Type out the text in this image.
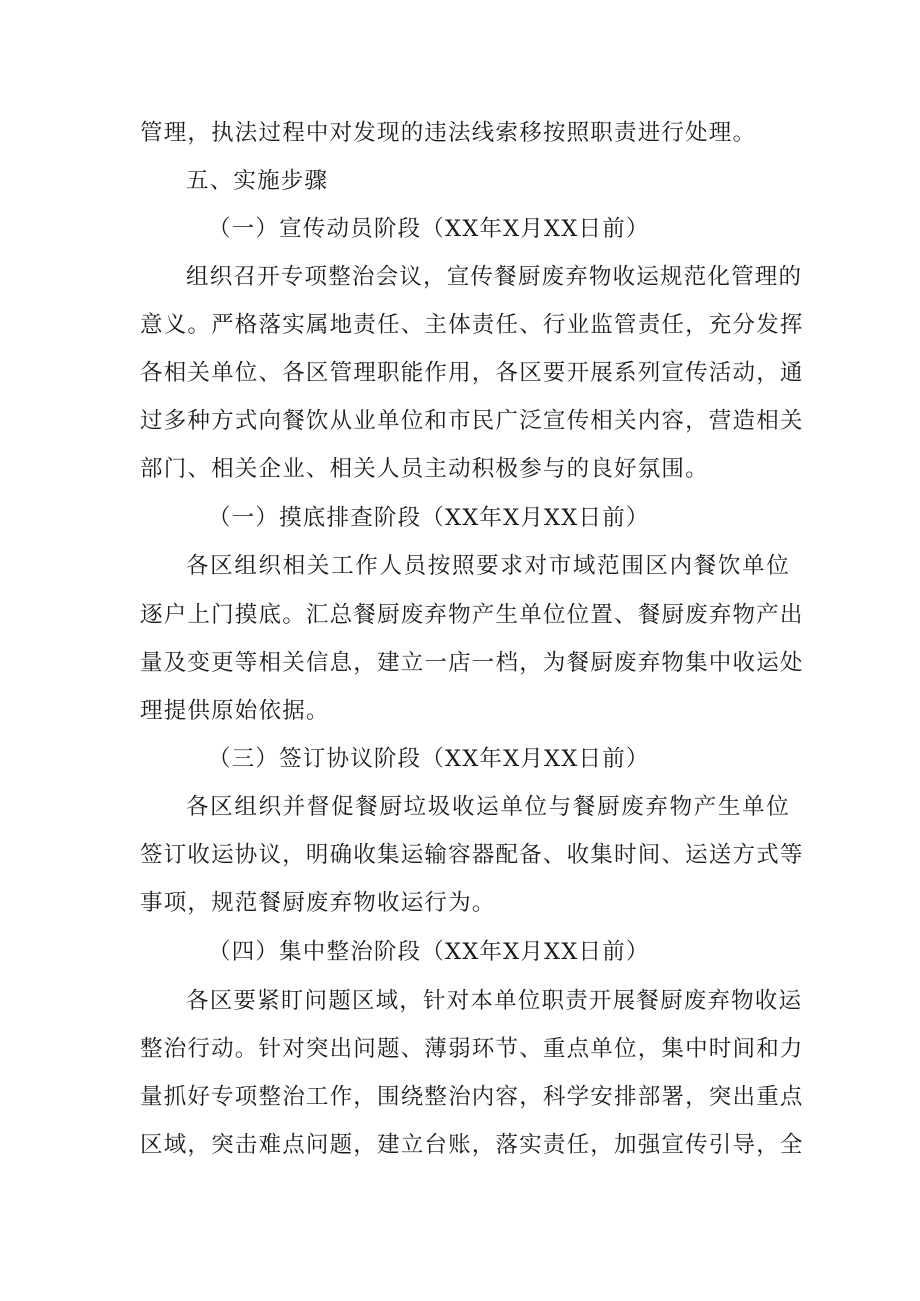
管理，执法过程中对发现的违法线索移按照职责进行处理。
五、实施步骤
（一）宣传动员阶段（XX年X月XX日前）
组织召开专项整治会议，宣传餐厨废弃物收运规范化管理的
意义。严格落实属地责任、主体责任、行业监管责任，充分发挥
各相关单位、各区管理职能作用，各区要开展系列宣传活动，通
过多种方式向餐饮从业单位和市民广泛宣传相关内容，营造相关
部门、相关企业、相关人员主动积极参与的良好氛围。
（一）摸底排查阶段（XX年X月XX日前）
各区组织相关工作人员按照要求对市域范围区内餐饮单位
逐户上门摸底。汇总餐厨废弃物产生单位位置、餐厨废弃物产出
量及变更等相关信息，建立一店一档，为餐厨废弃物集中收运处
理提供原始依据。
（三）签订协议阶段（XX年X月XX日前）
各区组织并督促餐厨垃圾收运单位与餐厨废弃物产生单位
签订收运协议，明确收集运输容器配备、收集时间、运送方式等
事项，规范餐厨废弃物收运行为。
（四）集中整治阶段（XX年X月XX日前）
各区要紧盯问题区域，针对本单位职责开展餐厨废弃物收运
整治行动。针对突出问题、薄弱环节、重点单位，集中时间和力
量抓好专项整治工作，围绕整治内容，科学安排部署，突出重点
区域，突击难点问题，建立台账，落实责任，加强宣传引导，全
